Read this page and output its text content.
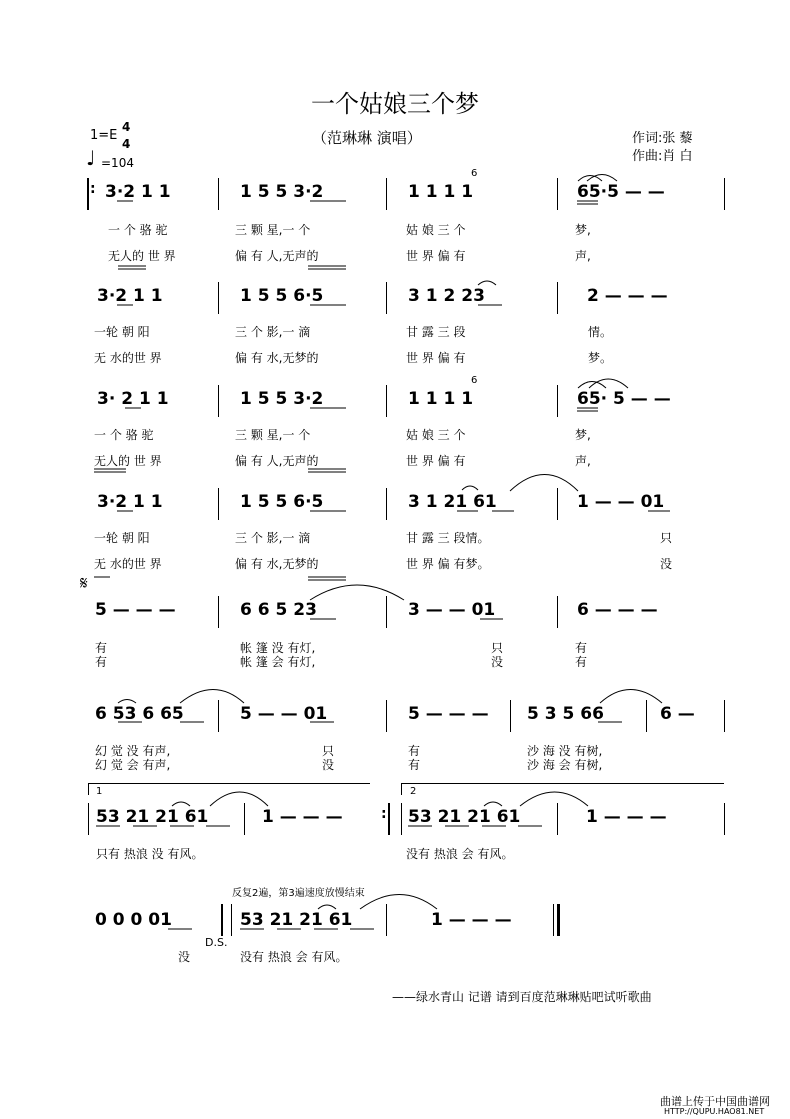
一个姑娘三个梦
（范琳琳 演唱）
1=E
4
4
♩ =104
作词:张 藜
作曲:肖 白
: 3·2 1 1	1 5 5 3·2	1 1 1 1
6
65·5 — —
一 个 骆 驼	三 颗 星,一 个	姑 娘 三 个	梦,
无人的 世 界	偏 有 人,无声的	世 界 偏 有	声,
3·2 1 1	1 5 5 6·5	3 1 2 23	2 — — —
一轮 朝 阳	三 个 影,一 滴	甘 露 三 段	情。
无 水的世 界	偏 有 水,无梦的	世 界 偏 有	梦。
3· 2 1 1	1 5 5 3·2	1 1 1 1
6
65· 5 — —
一 个 骆 驼	三 颗 星,一 个	姑 娘 三 个	梦,
无人的 世 界	偏 有 人,无声的	世 界 偏 有	声,
3·2 1 1	1 5 5 6·5	3 1 21 61	1 — — 01
一轮 朝 阳	三 个 影,一 滴	甘 露 三 段情。	只
无 水的世 界	偏 有 水,无梦的	世 界 偏 有梦。	没
𝄋
5 — — —	6 6 5 23	3 — — 01	6 — — —
有	帐 篷 没 有灯,	只	有
有	帐 篷 会 有灯,	没	有
6 53 6 65	5 — — 01	5 — — — 5 3 5 66	6 —
幻 觉 没 有声,	只	有	沙 海 没 有树,
幻 觉 会 有声,	没	有	沙 海 会 有树,
1	2
53 21 21 61	1 — — —	: 53 21 21 61	1 — — —
只有 热浪 没 有风。	没有 热浪 会 有风。
反复2遍，第3遍速度放慢结束
0 0 0 01
D.S.
53 21 21 61	1 — — —
没	没有 热浪 会 有风。
——绿水青山 记谱 请到百度范琳琳贴吧试听歌曲
曲谱上传于中国曲谱网
HTTP://QUPU.HAO81.NET
